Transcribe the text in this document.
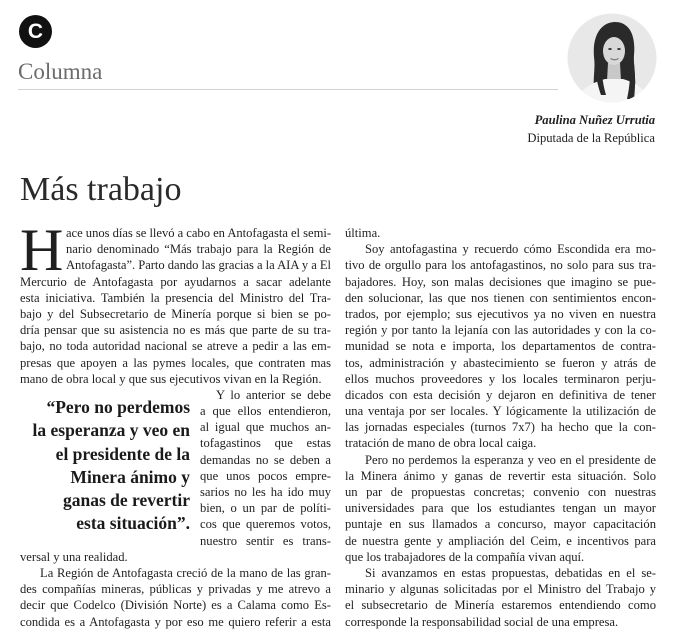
C
Columna
Paulina Nuñez Urrutia
Diputada de la República
Más trabajo
H ace unos días se llevó a cabo en Antofagasta el semi-
nario denominado “Más trabajo para la Región de
Antofagasta”. Parto dando las gracias a la AIA y a El
Mercurio de Antofagasta por ayudarnos a sacar adelante
esta iniciativa. También la presencia del Ministro del Tra-
bajo y del Subsecretario de Minería porque si bien se po-
dría pensar que su asistencia no es más que parte de su tra-
bajo, no toda autoridad nacional se atreve a pedir a las em-
presas que apoyen a las pymes locales, que contraten mas
mano de obra local y que sus ejecutivos vivan en la Región.
Y lo anterior se debe
a que ellos entendieron,
al igual que muchos an-
tofagastinos que estas
demandas no se deben a
que unos pocos empre-
sarios no les ha ido muy
bien, o un par de políti-
cos que queremos votos,
nuestro sentir es trans-
versal y una realidad.
La Región de Antofagasta creció de la mano de las gran-
des compañías mineras, públicas y privadas y me atrevo a
decir que Codelco (División Norte) es a Calama como Es-
condida es a Antofagasta y por eso me quiero referir a esta
“Pero no perdemos
la esperanza y veo en
el presidente de la
Minera ánimo y
ganas de revertir
esta situación”.
última.
Soy antofagastina y recuerdo cómo Escondida era mo-
tivo de orgullo para los antofagastinos, no solo para sus tra-
bajadores. Hoy, son malas decisiones que imagino se pue-
den solucionar, las que nos tienen con sentimientos encon-
trados, por ejemplo; sus ejecutivos ya no viven en nuestra
región y por tanto la lejanía con las autoridades y con la co-
munidad se nota e importa, los departamentos de contra-
tos, administración y abastecimiento se fueron y atrás de
ellos muchos proveedores y los locales terminaron perju-
dicados con esta decisión y dejaron en definitiva de tener
una ventaja por ser locales. Y lógicamente la utilización de
las jornadas especiales (turnos 7x7) ha hecho que la con-
tratación de mano de obra local caiga.
Pero no perdemos la esperanza y veo en el presidente de
la Minera ánimo y ganas de revertir esta situación. Solo
un par de propuestas concretas; convenio con nuestras
universidades para que los estudiantes tengan un mayor
puntaje en sus llamados a concurso, mayor capacitación
de nuestra gente y ampliación del Ceim, e incentivos para
que los trabajadores de la compañía vivan aquí.
Si avanzamos en estas propuestas, debatidas en el se-
minario y algunas solicitadas por el Ministro del Trabajo y
el subsecretario de Minería estaremos entendiendo como
corresponde la responsabilidad social de una empresa.
